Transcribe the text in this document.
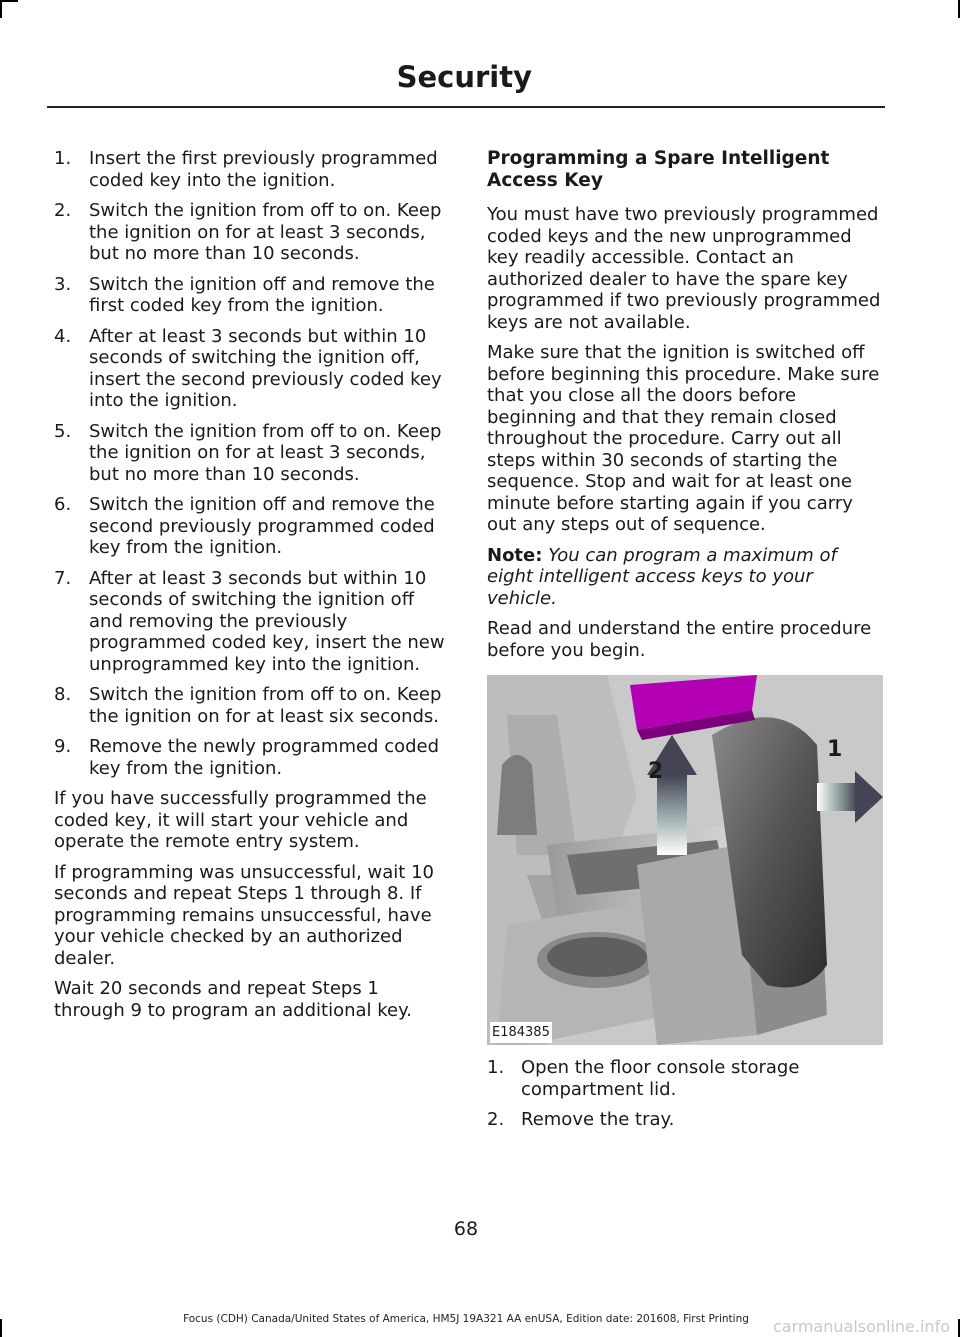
Security
1. Insert the first previously programmed coded key into the ignition.
2. Switch the ignition from off to on. Keep the ignition on for at least 3 seconds, but no more than 10 seconds.
3. Switch the ignition off and remove the first coded key from the ignition.
4. After at least 3 seconds but within 10 seconds of switching the ignition off, insert the second previously coded key into the ignition.
5. Switch the ignition from off to on. Keep the ignition on for at least 3 seconds, but no more than 10 seconds.
6. Switch the ignition off and remove the second previously programmed coded key from the ignition.
7. After at least 3 seconds but within 10 seconds of switching the ignition off and removing the previously programmed coded key, insert the new unprogrammed key into the ignition.
8. Switch the ignition from off to on. Keep the ignition on for at least six seconds.
9. Remove the newly programmed coded key from the ignition.

If you have successfully programmed the coded key, it will start your vehicle and operate the remote entry system.

If programming was unsuccessful, wait 10 seconds and repeat Steps 1 through 8. If programming remains unsuccessful, have your vehicle checked by an authorized dealer.

Wait 20 seconds and repeat Steps 1 through 9 to program an additional key.

Programming a Spare Intelligent Access Key

You must have two previously programmed coded keys and the new unprogrammed key readily accessible. Contact an authorized dealer to have the spare key programmed if two previously programmed keys are not available.

Make sure that the ignition is switched off before beginning this procedure. Make sure that you close all the doors before beginning and that they remain closed throughout the procedure. Carry out all steps within 30 seconds of starting the sequence. Stop and wait for at least one minute before starting again if you carry out any steps out of sequence.

Note: You can program a maximum of eight intelligent access keys to your vehicle.

Read and understand the entire procedure before you begin.

1
2
E184385
1. Open the floor console storage compartment lid.
2. Remove the tray.
68
Focus (CDH) Canada/United States of America, HM5J 19A321 AA enUSA, Edition date: 201608, First Printing	carmanualsonline.info
